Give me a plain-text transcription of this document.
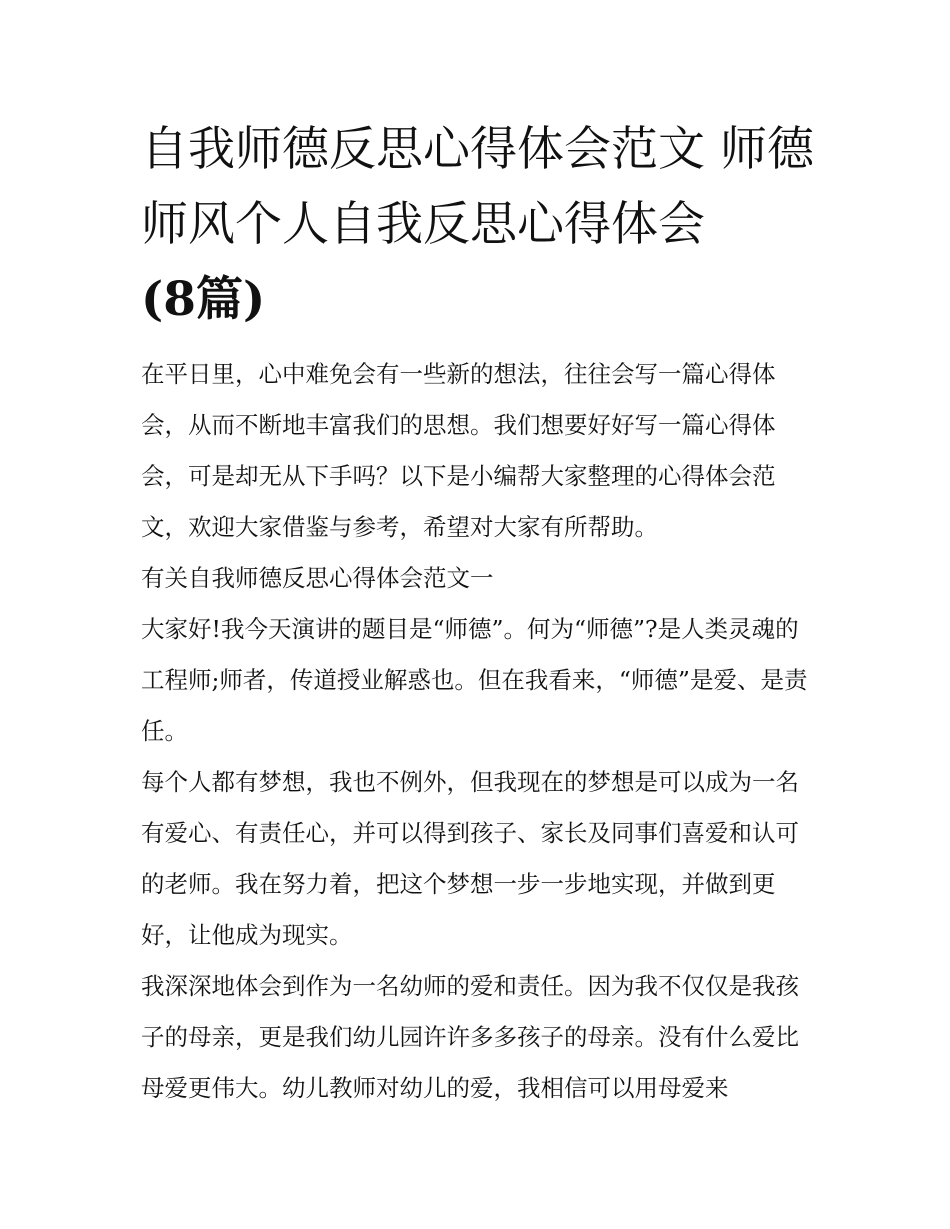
自我师德反思心得体会范文 师德师风个人自我反思心得体会
(8篇)

在平日里，心中难免会有一些新的想法，往往会写一篇心得体会，从而不断地丰富我们的思想。我们想要好好写一篇心得体会，可是却无从下手吗？以下是小编帮大家整理的心得体会范文，欢迎大家借鉴与参考，希望对大家有所帮助。

有关自我师德反思心得体会范文一

大家好!我今天演讲的题目是“师德”。何为“师德”?是人类灵魂的工程师;师者，传道授业解惑也。但在我看来，“师德”是爱、是责任。

每个人都有梦想，我也不例外，但我现在的梦想是可以成为一名有爱心、有责任心，并可以得到孩子、家长及同事们喜爱和认可的老师。我在努力着，把这个梦想一步一步地实现，并做到更好，让他成为现实。

我深深地体会到作为一名幼师的爱和责任。因为我不仅仅是我孩子的母亲，更是我们幼儿园许许多多孩子的母亲。没有什么爱比母爱更伟大。幼儿教师对幼儿的爱，我相信可以用母爱来
